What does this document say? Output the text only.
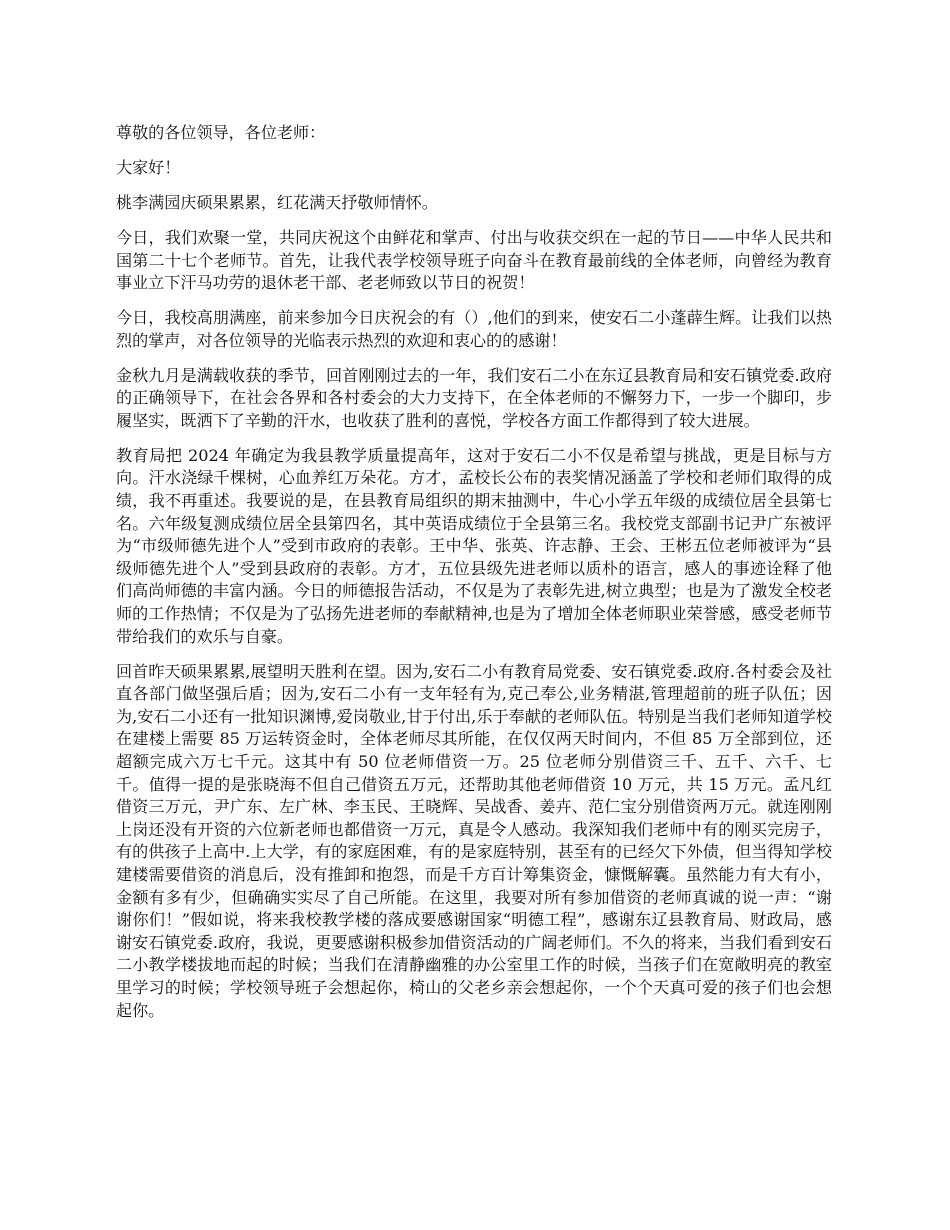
尊敬的各位领导，各位老师：

大家好！

桃李满园庆硕果累累，红花满天抒敬师情怀。

今日，我们欢聚一堂，共同庆祝这个由鲜花和掌声、付出与收获交织在一起的节日——中华人民共和国第二十七个老师节。首先，让我代表学校领导班子向奋斗在教育最前线的全体老师，向曾经为教育事业立下汗马功劳的退休老干部、老老师致以节日的祝贺！

今日，我校高朋满座，前来参加今日庆祝会的有（）,他们的到来，使安石二小蓬薜生辉。让我们以热烈的掌声，对各位领导的光临表示热烈的欢迎和衷心的的感谢！

金秋九月是满载收获的季节，回首刚刚过去的一年，我们安石二小在东辽县教育局和安石镇党委.政府的正确领导下，在社会各界和各村委会的大力支持下，在全体老师的不懈努力下，一步一个脚印，步履坚实，既洒下了辛勤的汗水，也收获了胜利的喜悦，学校各方面工作都得到了较大进展。

教育局把 2024 年确定为我县教学质量提高年，这对于安石二小不仅是希望与挑战，更是目标与方向。汗水浇绿千棵树，心血养红万朵花。方才，孟校长公布的表奖情况涵盖了学校和老师们取得的成绩，我不再重述。我要说的是，在县教育局组织的期末抽测中，牛心小学五年级的成绩位居全县第七名。六年级复测成绩位居全县第四名，其中英语成绩位于全县第三名。我校党支部副书记尹广东被评为“市级师德先进个人”受到市政府的表彰。王中华、张英、许志静、王会、王彬五位老师被评为“县级师德先进个人”受到县政府的表彰。方才，五位县级先进老师以质朴的语言，感人的事迹诠释了他们高尚师德的丰富内涵。今日的师德报告活动，不仅是为了表彰先进,树立典型；也是为了激发全校老师的工作热情；不仅是为了弘扬先进老师的奉献精神,也是为了增加全体老师职业荣誉感，感受老师节带给我们的欢乐与自豪。

回首昨天硕果累累,展望明天胜利在望。因为,安石二小有教育局党委、安石镇党委.政府.各村委会及社直各部门做坚强后盾；因为,安石二小有一支年轻有为,克己奉公,业务精湛,管理超前的班子队伍；因为,安石二小还有一批知识渊博,爱岗敬业,甘于付出,乐于奉献的老师队伍。特别是当我们老师知道学校在建楼上需要 85 万运转资金时，全体老师尽其所能，在仅仅两天时间内，不但 85 万全部到位，还超额完成六万七千元。这其中有 50 位老师借资一万。25 位老师分别借资三千、五千、六千、七千。值得一提的是张晓海不但自己借资五万元，还帮助其他老师借资 10 万元，共 15 万元。孟凡红借资三万元，尹广东、左广林、李玉民、王晓辉、吴战香、姜卉、范仁宝分别借资两万元。就连刚刚上岗还没有开资的六位新老师也都借资一万元，真是令人感动。我深知我们老师中有的刚买完房子，有的供孩子上高中.上大学，有的家庭困难，有的是家庭特别，甚至有的已经欠下外债，但当得知学校建楼需要借资的消息后，没有推卸和抱怨，而是千方百计筹集资金，慷慨解囊。虽然能力有大有小，金额有多有少，但确确实实尽了自己所能。在这里，我要对所有参加借资的老师真诚的说一声：“谢谢你们！”假如说，将来我校教学楼的落成要感谢国家“明德工程”，感谢东辽县教育局、财政局，感谢安石镇党委.政府，我说，更要感谢积极参加借资活动的广阔老师们。不久的将来，当我们看到安石二小教学楼拔地而起的时候；当我们在清静幽雅的办公室里工作的时候，当孩子们在宽敞明亮的教室里学习的时候；学校领导班子会想起你，椅山的父老乡亲会想起你，一个个天真可爱的孩子们也会想起你。
